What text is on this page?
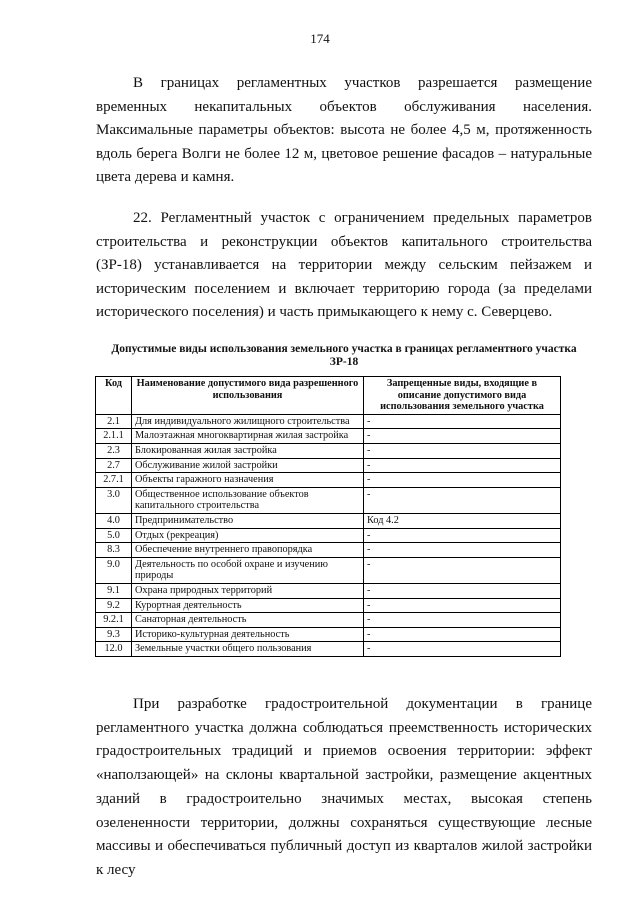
174

В границах регламентных участков разрешается размещение временных некапитальных объектов обслуживания населения. Максимальные параметры объектов: высота не более 4,5 м, протяженность вдоль берега Волги не более 12 м, цветовое решение фасадов – натуральные цвета дерева и камня.

22. Регламентный участок с ограничением предельных параметров строительства и реконструкции объектов капитального строительства (ЗР-18) устанавливается на территории между сельским пейзажем и историческим поселением и включает территорию города (за пределами исторического поселения) и часть примыкающего к нему с. Северцево.

Допустимые виды использования земельного участка в границах регламентного участка ЗР-18
Код	Наименование допустимого вида разрешенного использования	Запрещенные виды, входящие в описание допустимого вида использования земельного участка
2.1	Для индивидуального жилищного строительства	-
2.1.1	Малоэтажная многоквартирная жилая застройка	-
2.3	Блокированная жилая застройка	-
2.7	Обслуживание жилой застройки	-
2.7.1	Объекты гаражного назначения	-
3.0	Общественное использование объектов капитального строительства	-
4.0	Предпринимательство	Код 4.2
5.0	Отдых (рекреация)	-
8.3	Обеспечение внутреннего правопорядка	-
9.0	Деятельность по особой охране и изучению природы	-
9.1	Охрана природных территорий	-
9.2	Курортная деятельность	-
9.2.1	Санаторная деятельность	-
9.3	Историко-культурная деятельность	-
12.0	Земельные участки общего пользования	-

При разработке градостроительной документации в границе регламентного участка должна соблюдаться преемственность исторических градостроительных традиций и приемов освоения территории: эффект «наползающей» на склоны квартальной застройки, размещение акцентных зданий в градостроительно значимых местах, высокая степень озелененности территории, должны сохраняться существующие лесные массивы и обеспечиваться публичный доступ из кварталов жилой застройки к лесу
